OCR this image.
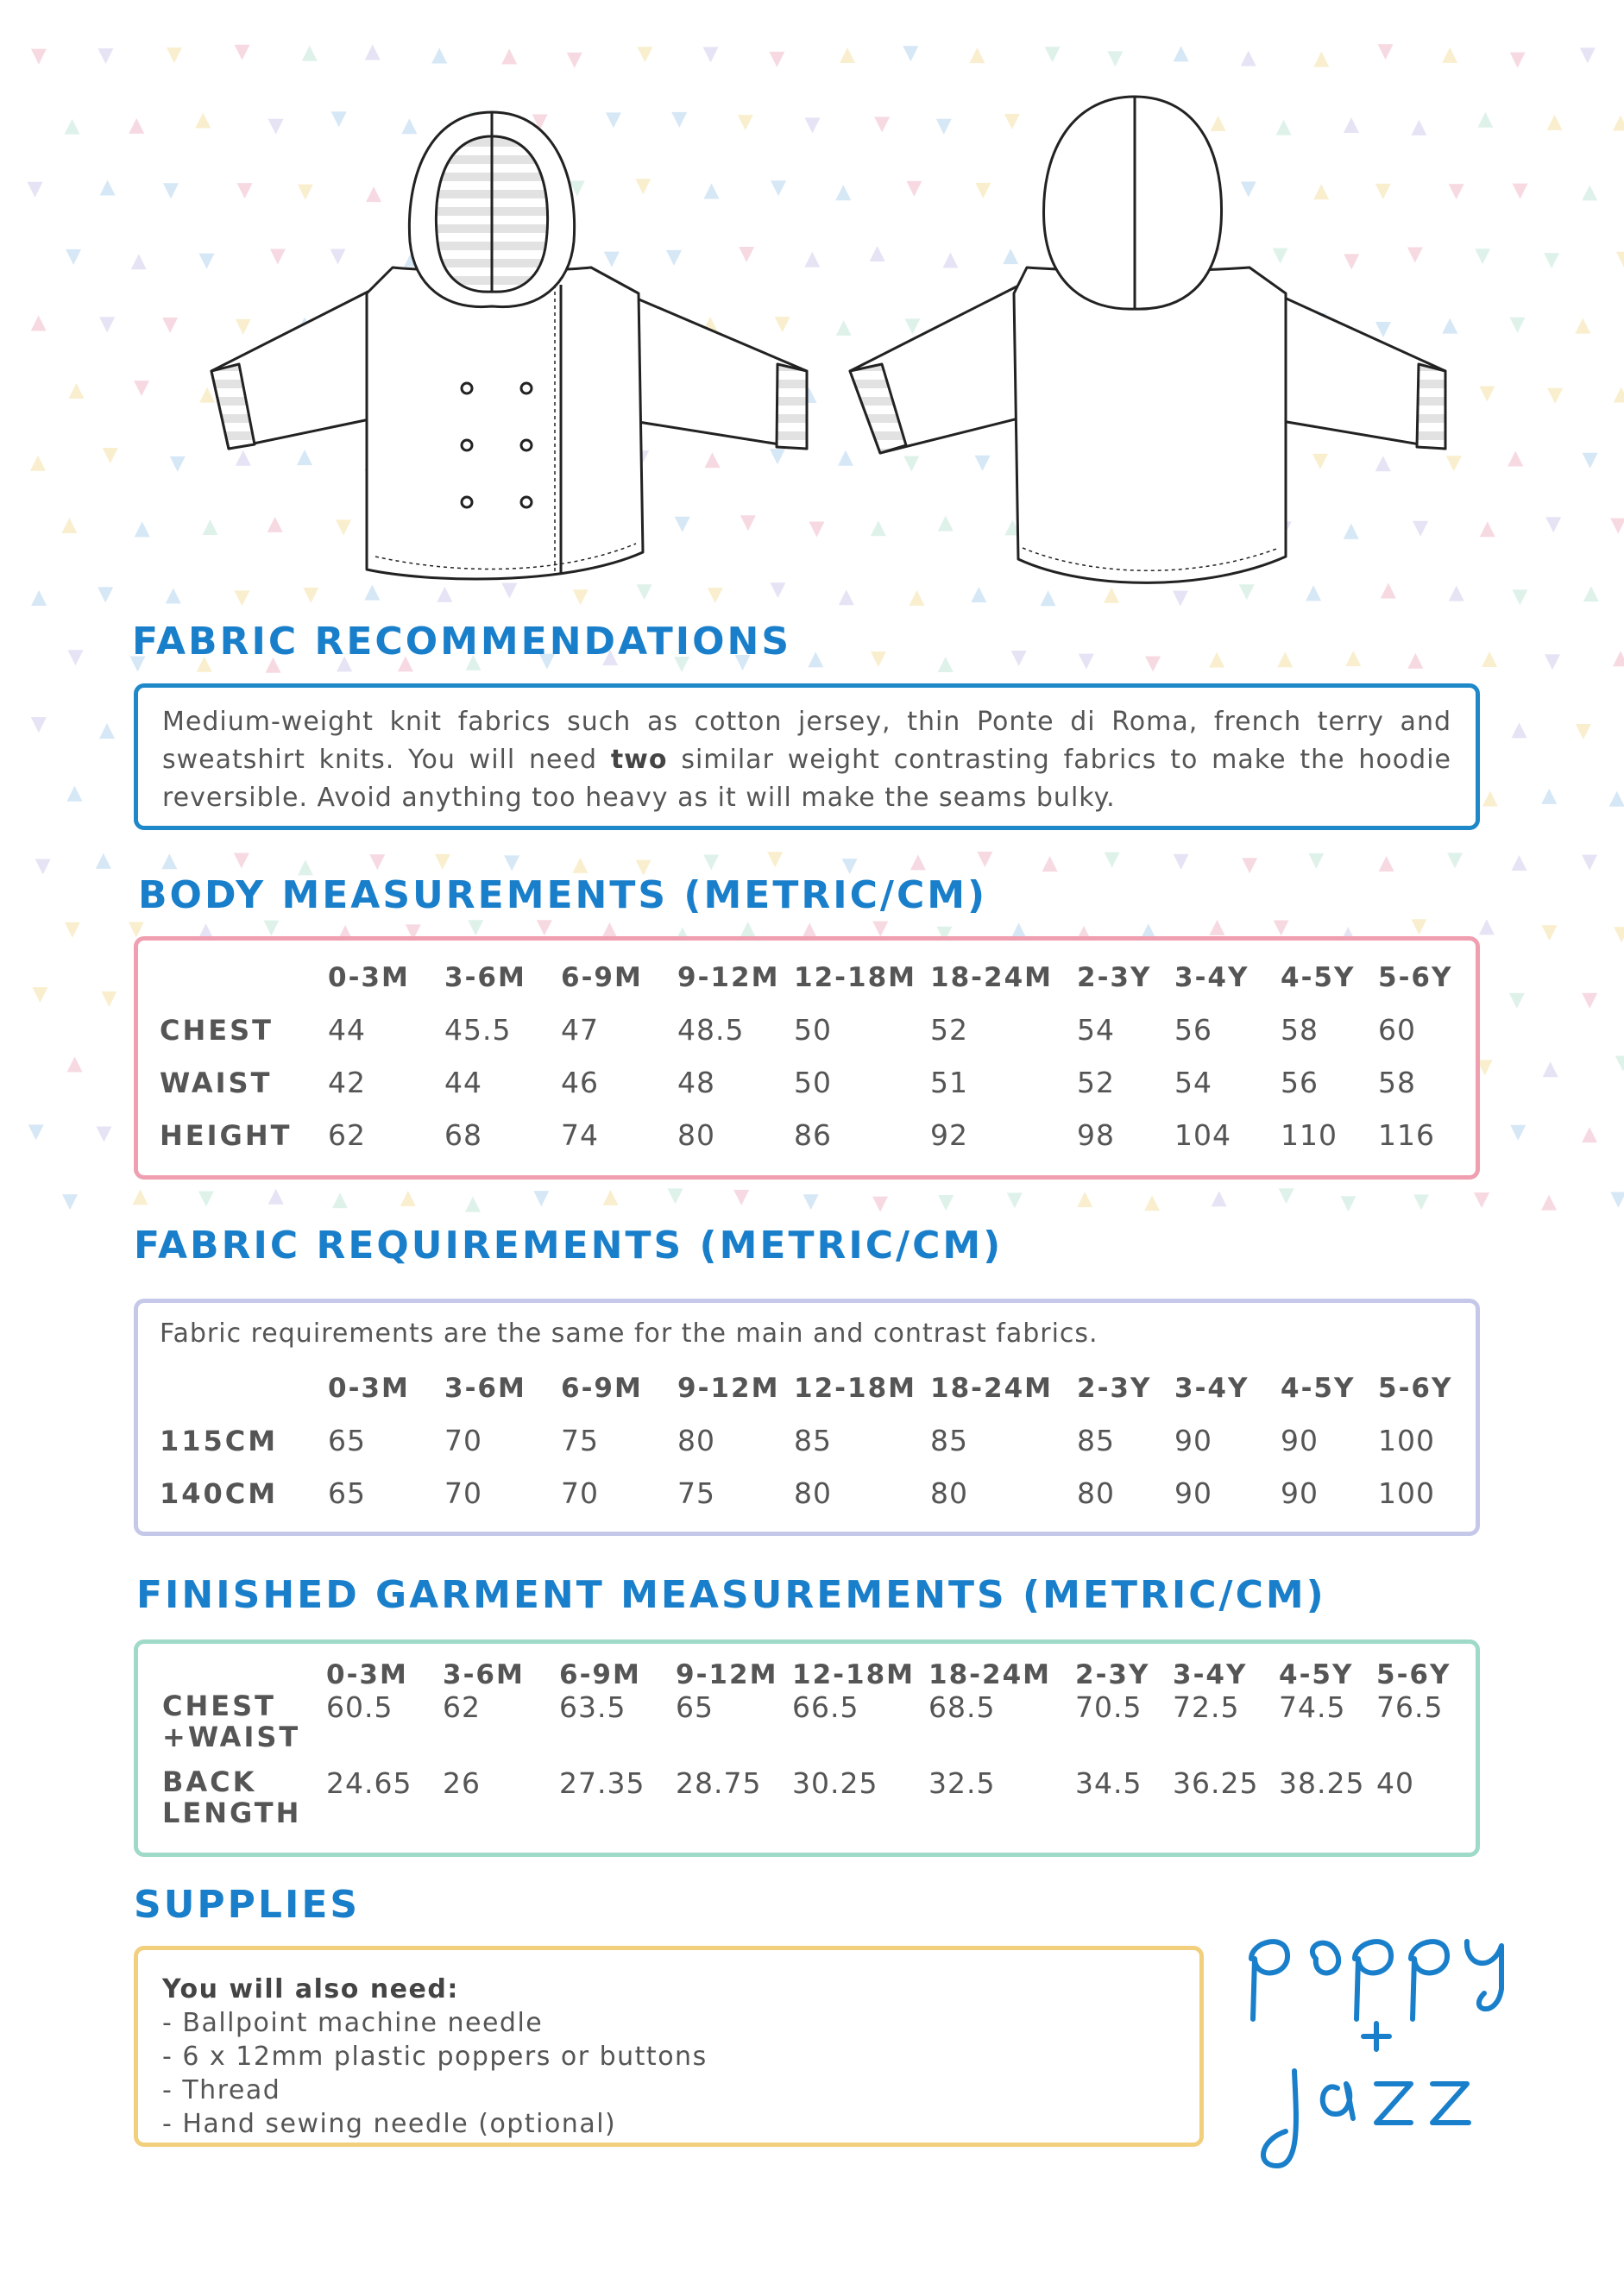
FABRIC RECOMMENDATIONS

Medium-weight knit fabrics such as cotton jersey, thin Ponte di Roma, french terry and sweatshirt knits. You will need two similar weight contrasting fabrics to make the hoodie reversible. Avoid anything too heavy as it will make the seams bulky.

BODY MEASUREMENTS (METRIC/CM)
	0-3M	3-6M	6-9M	9-12M	12-18M	18-24M	2-3Y	3-4Y	4-5Y	5-6Y
CHEST	44	45.5	47	48.5	50	52	54	56	58	60
WAIST	42	44	46	48	50	51	52	54	56	58
HEIGHT	62	68	74	80	86	92	98	104	110	116
FABRIC REQUIREMENTS (METRIC/CM)
Fabric requirements are the same for the main and contrast fabrics.
	0-3M	3-6M	6-9M	9-12M	12-18M	18-24M	2-3Y	3-4Y	4-5Y	5-6Y
115CM	65	70	75	80	85	85	85	90	90	100
140CM	65	70	70	75	80	80	80	90	90	100
FINISHED GARMENT MEASUREMENTS (METRIC/CM)
	0-3M	3-6M	6-9M	9-12M	12-18M	18-24M	2-3Y	3-4Y	4-5Y	5-6Y

CHEST
+WAIST	60.5	62	63.5	65	66.5	68.5	70.5	72.5	74.5	76.5

BACK
LENGTH	24.65	26	27.35	28.75	30.25	32.5	34.5	36.25	38.25	40
SUPPLIES
You will also need:
- Ballpoint machine needle
- 6 x 12mm plastic poppers or buttons
- Thread
- Hand sewing needle (optional)
